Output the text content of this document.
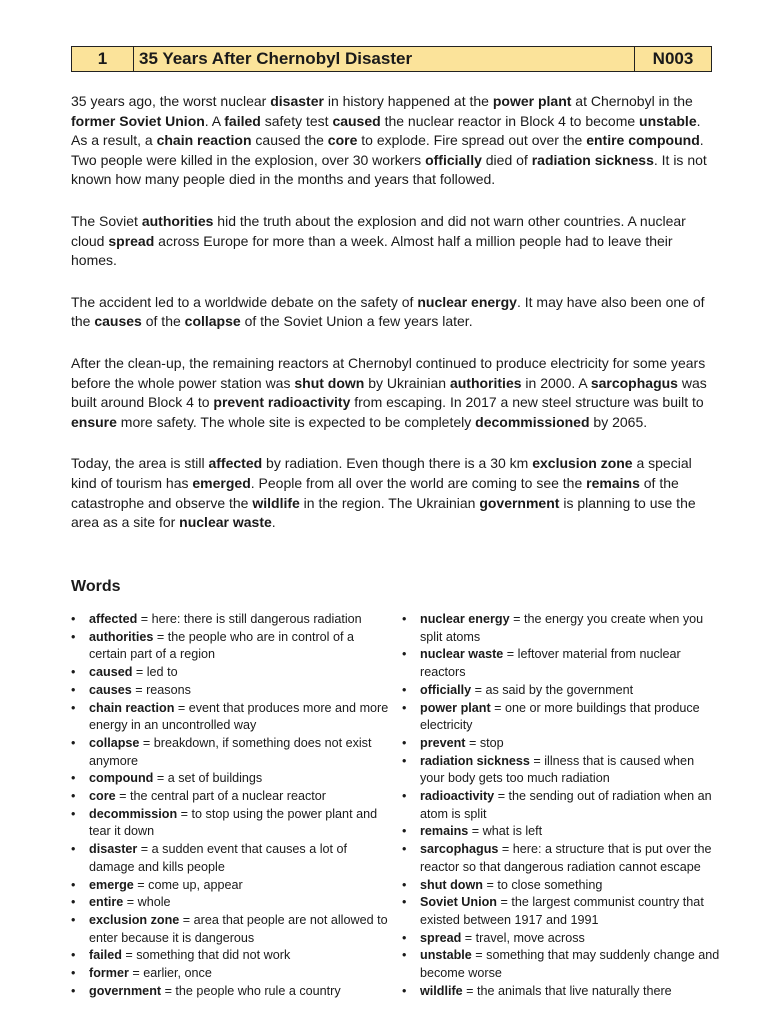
1	35 Years After Chernobyl Disaster	N003

35 years ago, the worst nuclear disaster in history happened at the power plant at Chernobyl in the former Soviet Union. A failed safety test caused the nuclear reactor in Block 4 to become unstable. As a result, a chain reaction caused the core to explode. Fire spread out over the entire compound. Two people were killed in the explosion, over 30 workers officially died of radiation sickness. It is not known how many people died in the months and years that followed.

The Soviet authorities hid the truth about the explosion and did not warn other countries. A nuclear cloud spread across Europe for more than a week. Almost half a million people had to leave their homes.

The accident led to a worldwide debate on the safety of nuclear energy. It may have also been one of the causes of the collapse of the Soviet Union a few years later.

After the clean-up, the remaining reactors at Chernobyl continued to produce electricity for some years before the whole power station was shut down by Ukrainian authorities in 2000. A sarcophagus was built around Block 4 to prevent radioactivity from escaping. In 2017 a new steel structure was built to ensure more safety. The whole site is expected to be completely decommissioned by 2065.

Today, the area is still affected by radiation. Even though there is a 30 km exclusion zone a special kind of tourism has emerged. People from all over the world are coming to see the remains of the catastrophe and observe the wildlife in the region. The Ukrainian government is planning to use the area as a site for nuclear waste.

Words
• affected = here: there is still dangerous radiation
• authorities = the people who are in control of a certain part of a region
• caused = led to
• causes = reasons
• chain reaction = event that produces more and more energy in an uncontrolled way
• collapse = breakdown, if something does not exist anymore
• compound = a set of buildings
• core = the central part of a nuclear reactor
• decommission = to stop using the power plant and tear it down
• disaster = a sudden event that causes a lot of damage and kills people
• emerge = come up, appear
• entire = whole
• exclusion zone = area that people are not allowed to enter because it is dangerous
• failed = something that did not work
• former = earlier, once
• government = the people who rule a country
• nuclear energy = the energy you create when you split atoms
• nuclear waste = leftover material from nuclear reactors
• officially = as said by the government
• power plant = one or more buildings that produce electricity
• prevent = stop
• radiation sickness = illness that is caused when your body gets too much radiation
• radioactivity = the sending out of radiation when an atom is split
• remains = what is left
• sarcophagus = here: a structure that is put over the reactor so that dangerous radiation cannot escape
• shut down = to close something
• Soviet Union = the largest communist country that existed between 1917 and 1991
• spread = travel, move across
• unstable = something that may suddenly change and become worse
• wildlife = the animals that live naturally there
